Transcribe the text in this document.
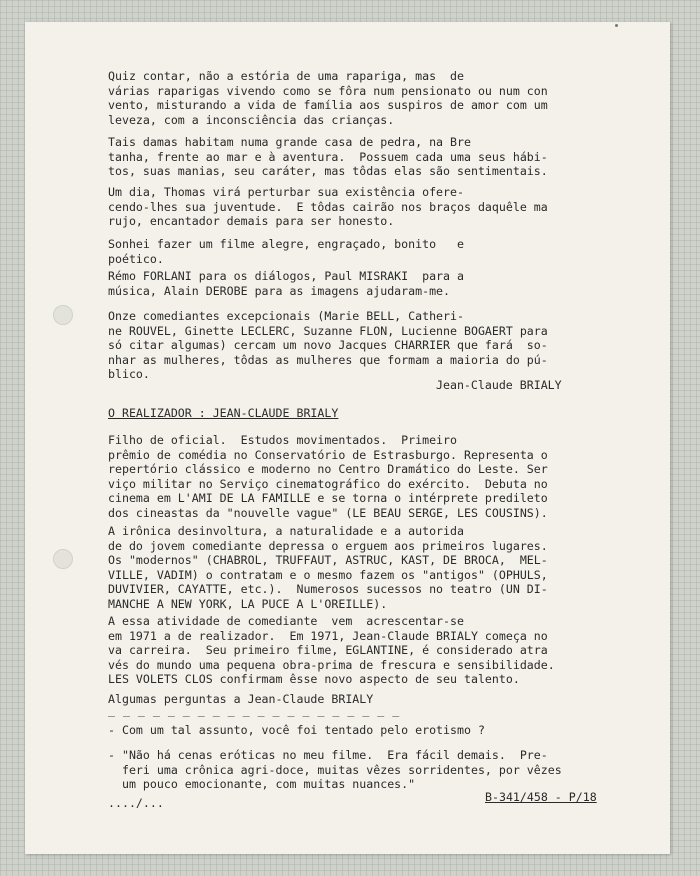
Quiz contar, não a estória de uma rapariga, mas  de
várias raparigas vivendo como se fôra num pensionato ou num con
vento, misturando a vida de família aos suspiros de amor com um
leveza, com a inconsciência das crianças.

Tais damas habitam numa grande casa de pedra, na Bre
tanha, frente ao mar e à aventura.  Possuem cada uma seus hábi-
tos, suas manias, seu caráter, mas tôdas elas são sentimentais.

Um dia, Thomas virá perturbar sua existência ofere-
cendo-lhes sua juventude.  E tôdas cairão nos braços daquêle ma
rujo, encantador demais para ser honesto.

Sonhei fazer um filme alegre, engraçado, bonito   e
poético.

Rémo FORLANI para os diálogos, Paul MISRAKI  para a
música, Alain DEROBE para as imagens ajudaram-me.

Onze comediantes excepcionais (Marie BELL, Catheri-
ne ROUVEL, Ginette LECLERC, Suzanne FLON, Lucienne BOGAERT para
só citar algumas) cercam um novo Jacques CHARRIER que fará  so-
nhar as mulheres, tôdas as mulheres que formam a maioria do pú-
blico.

Jean-Claude BRIALY

O REALIZADOR : JEAN-CLAUDE BRIALY

Filho de oficial.  Estudos movimentados.  Primeiro
prêmio de comédia no Conservatório de Estrasburgo. Representa o
repertório clássico e moderno no Centro Dramático do Leste. Ser
viço militar no Serviço cinematográfico do exército.  Debuta no
cinema em L'AMI DE LA FAMILLE e se torna o intérprete predileto
dos cineastas da "nouvelle vague" (LE BEAU SERGE, LES COUSINS).

A irônica desinvoltura, a naturalidade e a autorida
de do jovem comediante depressa o erguem aos primeiros lugares.
Os "modernos" (CHABROL, TRUFFAUT, ASTRUC, KAST, DE BROCA,  MEL-
VILLE, VADIM) o contratam e o mesmo fazem os "antigos" (OPHULS,
DUVIVIER, CAYATTE, etc.).  Numerosos sucessos no teatro (UN DI-
MANCHE A NEW YORK, LA PUCE A L'OREILLE).

A essa atividade de comediante  vem  acrescentar-se
em 1971 a de realizador.  Em 1971, Jean-Claude BRIALY começa no
va carreira.  Seu primeiro filme, EGLANTINE, é considerado atra
vés do mundo uma pequena obra-prima de frescura e sensibilidade.
LES VOLETS CLOS confirmam êsse novo aspecto de seu talento.

Algumas perguntas a Jean-Claude BRIALY

_ _ _ _ _ _ _ _ _ _ _ _ _ _ _ _ _ _ _ _

- Com um tal assunto, você foi tentado pelo erotismo ?

- "Não há cenas eróticas no meu filme.  Era fácil demais.  Pre-
feri uma crônica agri-doce, muitas vêzes sorridentes, por vêzes
um pouco emocionante, com muitas nuances."

..../...	B-341/458 - P/18
